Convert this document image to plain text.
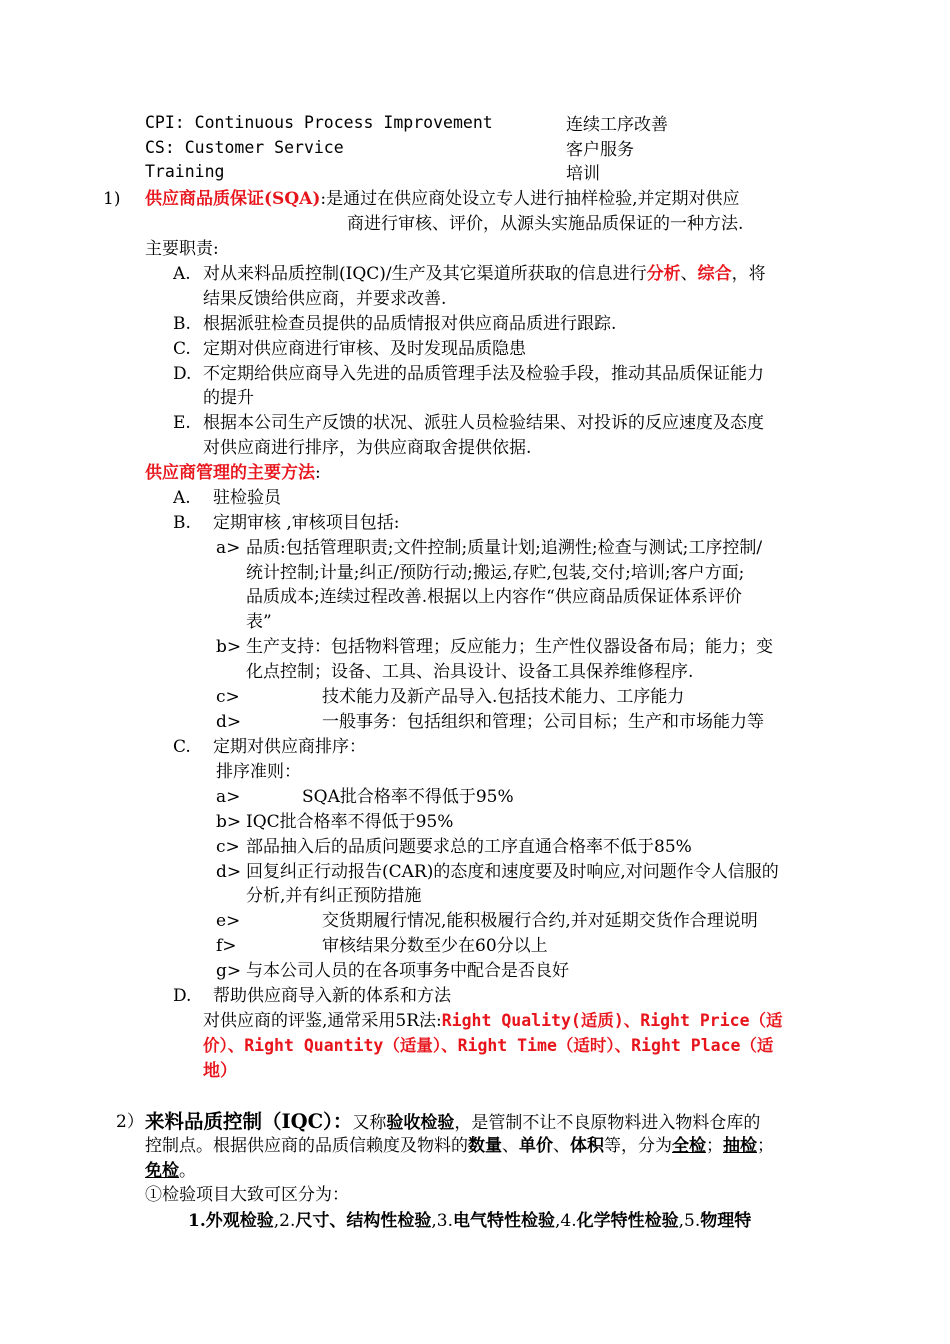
CPI: Continuous Process Improvement	连续工序改善
CS: Customer Service	客户服务
Training	培训
1) 供应商品质保证(SQA):是通过在供应商处设立专人进行抽样检验,并定期对供应
商进行审核、评价，从源头实施品质保证的一种方法.
主要职责:
A. 对从来料品质控制(IQC)/生产及其它渠道所获取的信息进行分析、综合，将
结果反馈给供应商，并要求改善.
B. 根据派驻检查员提供的品质情报对供应商品质进行跟踪.
C. 定期对供应商进行审核、及时发现品质隐患
D. 不定期给供应商导入先进的品质管理手法及检验手段，推动其品质保证能力
的提升
E. 根据本公司生产反馈的状况、派驻人员检验结果、对投诉的反应速度及态度
对供应商进行排序，为供应商取舍提供依据.
供应商管理的主要方法:
A. 驻检验员
B. 定期审核 ,审核项目包括:
a> 品质:包括管理职责;文件控制;质量计划;追溯性;检查与测试;工序控制/
统计控制;计量;纠正/预防行动;搬运,存贮,包装,交付;培训;客户方面;
品质成本;连续过程改善.根据以上内容作“供应商品质保证体系评价
表”
b> 生产支持：包括物料管理；反应能力；生产性仪器设备布局；能力；变
化点控制；设备、工具、治具设计、设备工具保养维修程序.
c>	技术能力及新产品导入.包括技术能力、工序能力
d>	一般事务：包括组织和管理；公司目标；生产和市场能力等
C. 定期对供应商排序：
排序准则：
a>	SQA批合格率不得低于95%
b> IQC批合格率不得低于95%
c> 部品抽入后的品质问题要求总的工序直通合格率不低于85%
d> 回复纠正行动报告(CAR)的态度和速度要及时响应,对问题作令人信服的
分析,并有纠正预防措施
e>	交货期履行情况,能积极履行合约,并对延期交货作合理说明
f>	审核结果分数至少在60分以上
g> 与本公司人员的在各项事务中配合是否良好
D. 帮助供应商导入新的体系和方法
对供应商的评鉴,通常采用5R法:Right Quality(适质)、Right Price（适
价）、Right Quantity（适量）、Right Time（适时）、Right Place（适
地）
2） 来料品质控制（IQC）：又称验收检验，是管制不让不良原物料进入物料仓库的
控制点。根据供应商的品质信赖度及物料的数量、单价、体积等，分为全检；抽检；
免检。
①检验项目大致可区分为：
1.外观检验,2.尺寸、结构性检验,3.电气特性检验,4.化学特性检验,5.物理特
